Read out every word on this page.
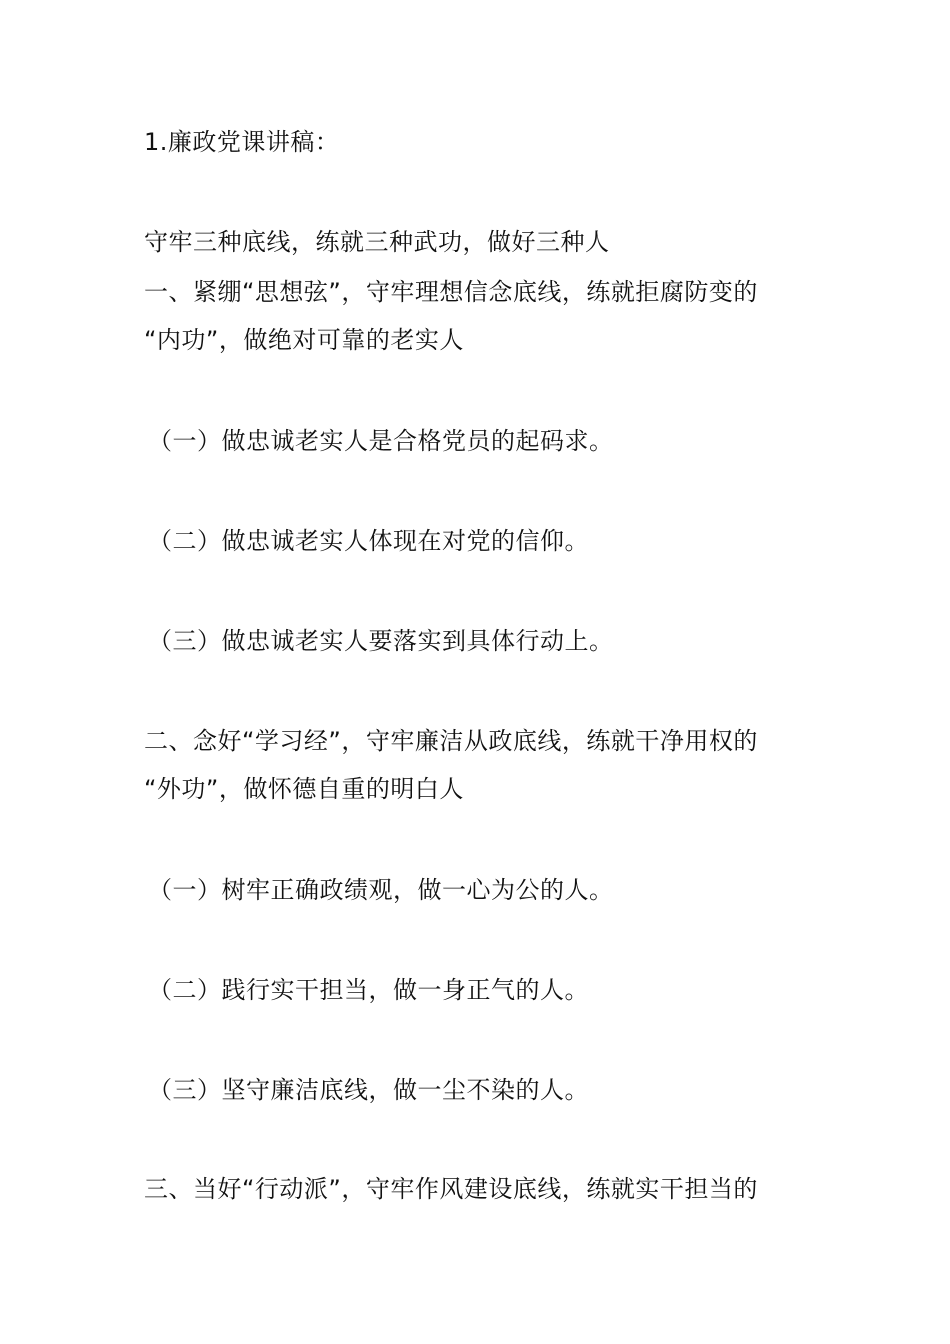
1.廉政党课讲稿：
守牢三种底线，练就三种武功，做好三种人
一、紧绷“思想弦”，守牢理想信念底线，练就拒腐防变的
“内功”，做绝对可靠的老实人
（一）做忠诚老实人是合格党员的起码求。
（二）做忠诚老实人体现在对党的信仰。
（三）做忠诚老实人要落实到具体行动上。
二、念好“学习经”，守牢廉洁从政底线，练就干净用权的
“外功”，做怀德自重的明白人
（一）树牢正确政绩观，做一心为公的人。
（二）践行实干担当，做一身正气的人。
（三）坚守廉洁底线，做一尘不染的人。
三、当好“行动派”，守牢作风建设底线，练就实干担当的
